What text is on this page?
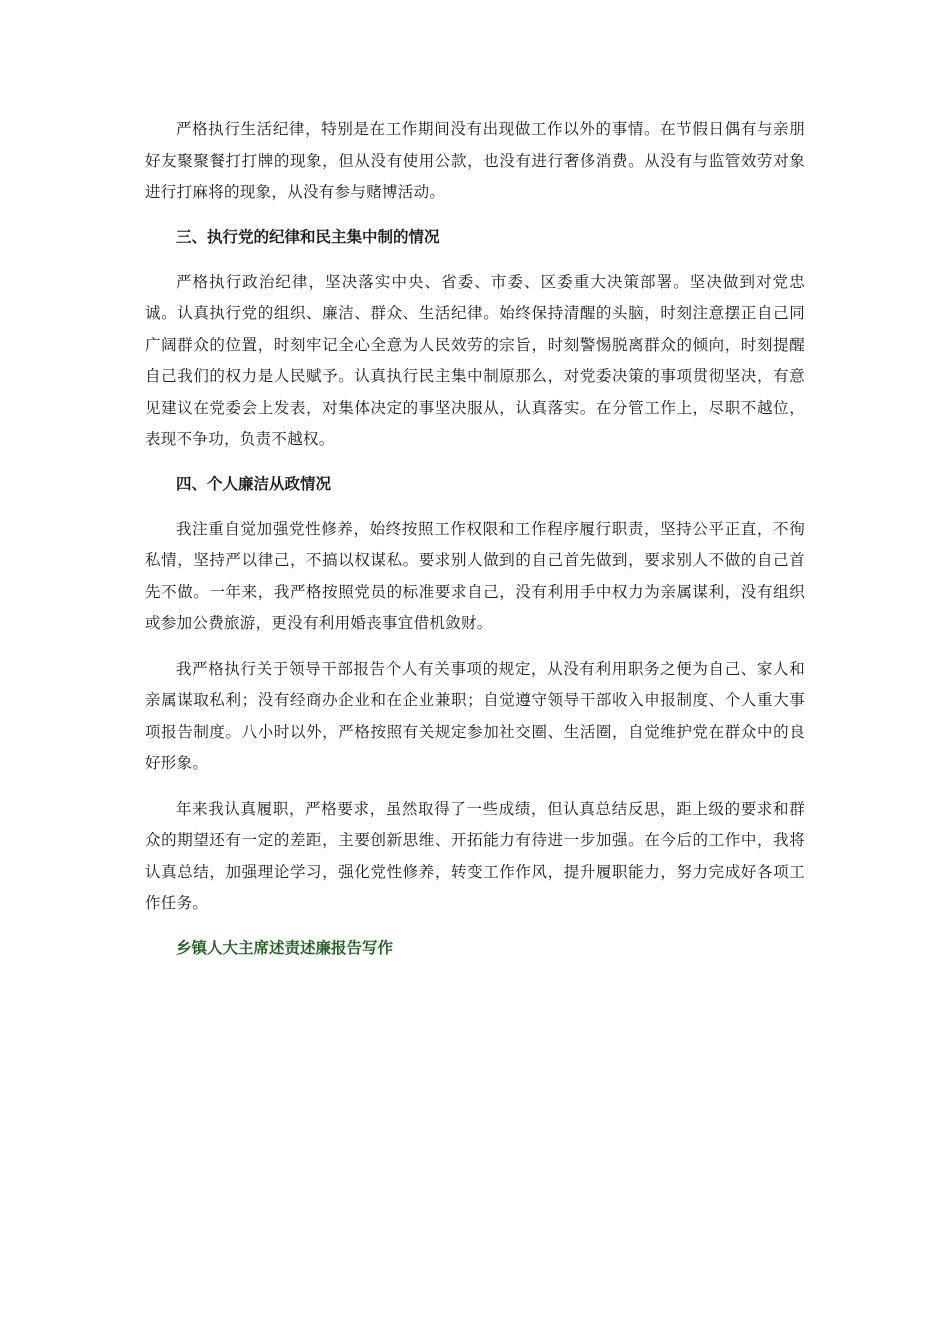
严格执行生活纪律，特别是在工作期间没有出现做工作以外的事情。在节假日偶有与亲朋好友聚聚餐打打牌的现象，但从没有使用公款，也没有进行奢侈消费。从没有与监管效劳对象进行打麻将的现象，从没有参与赌博活动。

三、执行党的纪律和民主集中制的情况

严格执行政治纪律，坚决落实中央、省委、市委、区委重大决策部署。坚决做到对党忠诚。认真执行党的组织、廉洁、群众、生活纪律。始终保持清醒的头脑，时刻注意摆正自己同广阔群众的位置，时刻牢记全心全意为人民效劳的宗旨，时刻警惕脱离群众的倾向，时刻提醒自己我们的权力是人民赋予。认真执行民主集中制原那么，对党委决策的事项贯彻坚决，有意见建议在党委会上发表，对集体决定的事坚决服从，认真落实。在分管工作上，尽职不越位，表现不争功，负责不越权。

四、个人廉洁从政情况

我注重自觉加强党性修养，始终按照工作权限和工作程序履行职责，坚持公平正直，不徇私情，坚持严以律己，不搞以权谋私。要求别人做到的自己首先做到，要求别人不做的自己首先不做。一年来，我严格按照党员的标准要求自己，没有利用手中权力为亲属谋利，没有组织或参加公费旅游，更没有利用婚丧事宜借机敛财。

我严格执行关于领导干部报告个人有关事项的规定，从没有利用职务之便为自己、家人和亲属谋取私利；没有经商办企业和在企业兼职；自觉遵守领导干部收入申报制度、个人重大事项报告制度。八小时以外，严格按照有关规定参加社交圈、生活圈，自觉维护党在群众中的良好形象。

年来我认真履职，严格要求，虽然取得了一些成绩，但认真总结反思，距上级的要求和群众的期望还有一定的差距，主要创新思维、开拓能力有待进一步加强。在今后的工作中，我将认真总结，加强理论学习，强化党性修养，转变工作作风，提升履职能力，努力完成好各项工作任务。

乡镇人大主席述责述廉报告写作
